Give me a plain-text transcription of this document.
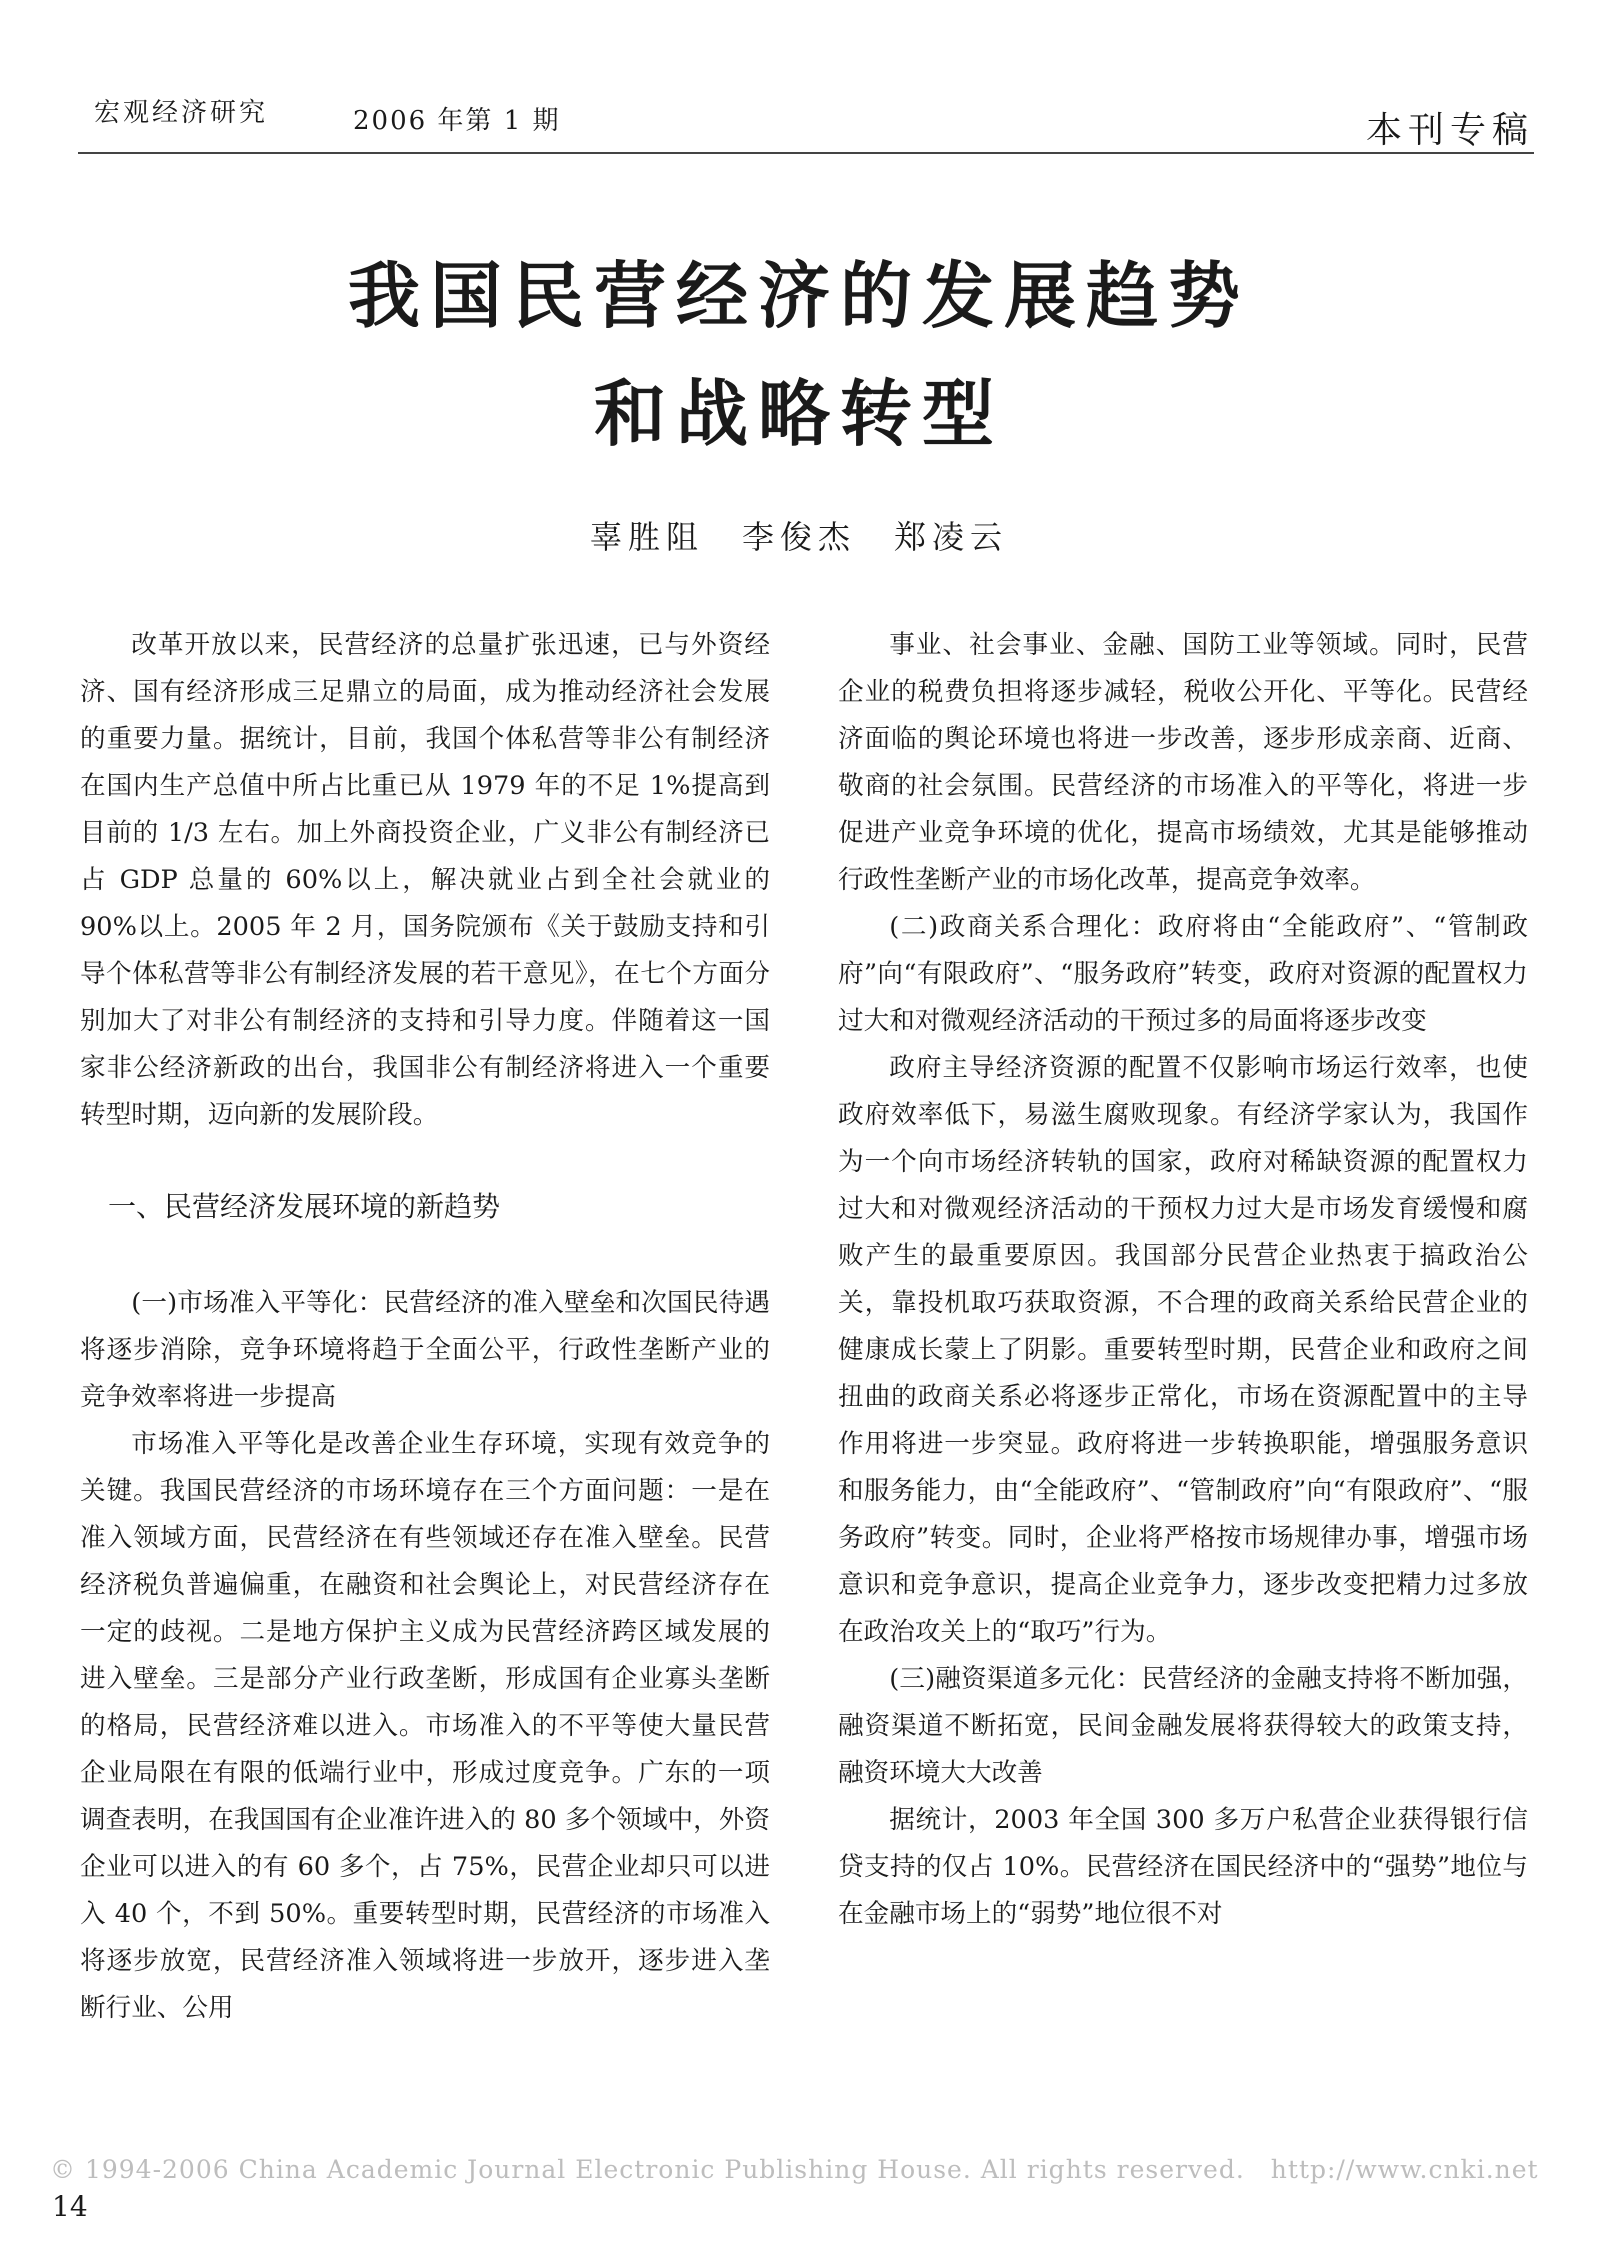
宏观经济研究	2006 年第 1 期	本刊专稿
我国民营经济的发展趋势
和战略转型
辜胜阻　李俊杰　郑凌云

改革开放以来，民营经济的总量扩张迅速，已与外资经济、国有经济形成三足鼎立的局面，成为推动经济社会发展的重要力量。据统计，目前，我国个体私营等非公有制经济在国内生产总值中所占比重已从 1979 年的不足 1%提高到目前的 1/3 左右。加上外商投资企业，广义非公有制经济已占 GDP 总量的 60%以上，解决就业占到全社会就业的 90%以上。2005 年 2 月，国务院颁布《关于鼓励支持和引导个体私营等非公有制经济发展的若干意见》，在七个方面分别加大了对非公有制经济的支持和引导力度。伴随着这一国家非公经济新政的出台，我国非公有制经济将进入一个重要转型时期，迈向新的发展阶段。

一、民营经济发展环境的新趋势

(一)市场准入平等化：民营经济的准入壁垒和次国民待遇将逐步消除，竞争环境将趋于全面公平，行政性垄断产业的竞争效率将进一步提高

市场准入平等化是改善企业生存环境，实现有效竞争的关键。我国民营经济的市场环境存在三个方面问题：一是在准入领域方面，民营经济在有些领域还存在准入壁垒。民营经济税负普遍偏重，在融资和社会舆论上，对民营经济存在一定的歧视。二是地方保护主义成为民营经济跨区域发展的进入壁垒。三是部分产业行政垄断，形成国有企业寡头垄断的格局，民营经济难以进入。市场准入的不平等使大量民营企业局限在有限的低端行业中，形成过度竞争。广东的一项调查表明，在我国国有企业准许进入的 80 多个领域中，外资企业可以进入的有 60 多个，占 75%，民营企业却只可以进入 40 个，不到 50%。重要转型时期，民营经济的市场准入将逐步放宽，民营经济准入领域将进一步放开，逐步进入垄断行业、公用

事业、社会事业、金融、国防工业等领域。同时，民营企业的税费负担将逐步减轻，税收公开化、平等化。民营经济面临的舆论环境也将进一步改善，逐步形成亲商、近商、敬商的社会氛围。民营经济的市场准入的平等化，将进一步促进产业竞争环境的优化，提高市场绩效，尤其是能够推动行政性垄断产业的市场化改革，提高竞争效率。

(二)政商关系合理化：政府将由“全能政府”、“管制政府”向“有限政府”、“服务政府”转变，政府对资源的配置权力过大和对微观经济活动的干预过多的局面将逐步改变

政府主导经济资源的配置不仅影响市场运行效率，也使政府效率低下，易滋生腐败现象。有经济学家认为，我国作为一个向市场经济转轨的国家，政府对稀缺资源的配置权力过大和对微观经济活动的干预权力过大是市场发育缓慢和腐败产生的最重要原因。我国部分民营企业热衷于搞政治公关，靠投机取巧获取资源，不合理的政商关系给民营企业的健康成长蒙上了阴影。重要转型时期，民营企业和政府之间扭曲的政商关系必将逐步正常化，市场在资源配置中的主导作用将进一步突显。政府将进一步转换职能，增强服务意识和服务能力，由“全能政府”、“管制政府”向“有限政府”、“服务政府”转变。同时，企业将严格按市场规律办事，增强市场意识和竞争意识，提高企业竞争力，逐步改变把精力过多放在政治攻关上的“取巧”行为。

(三)融资渠道多元化：民营经济的金融支持将不断加强，融资渠道不断拓宽，民间金融发展将获得较大的政策支持，融资环境大大改善

据统计，2003 年全国 300 多万户私营企业获得银行信贷支持的仅占 10%。民营经济在国民经济中的“强势”地位与在金融市场上的“弱势”地位很不对

© 1994-2006 China Academic Journal Electronic Publishing House. All rights reserved.　http://www.cnki.net
14
